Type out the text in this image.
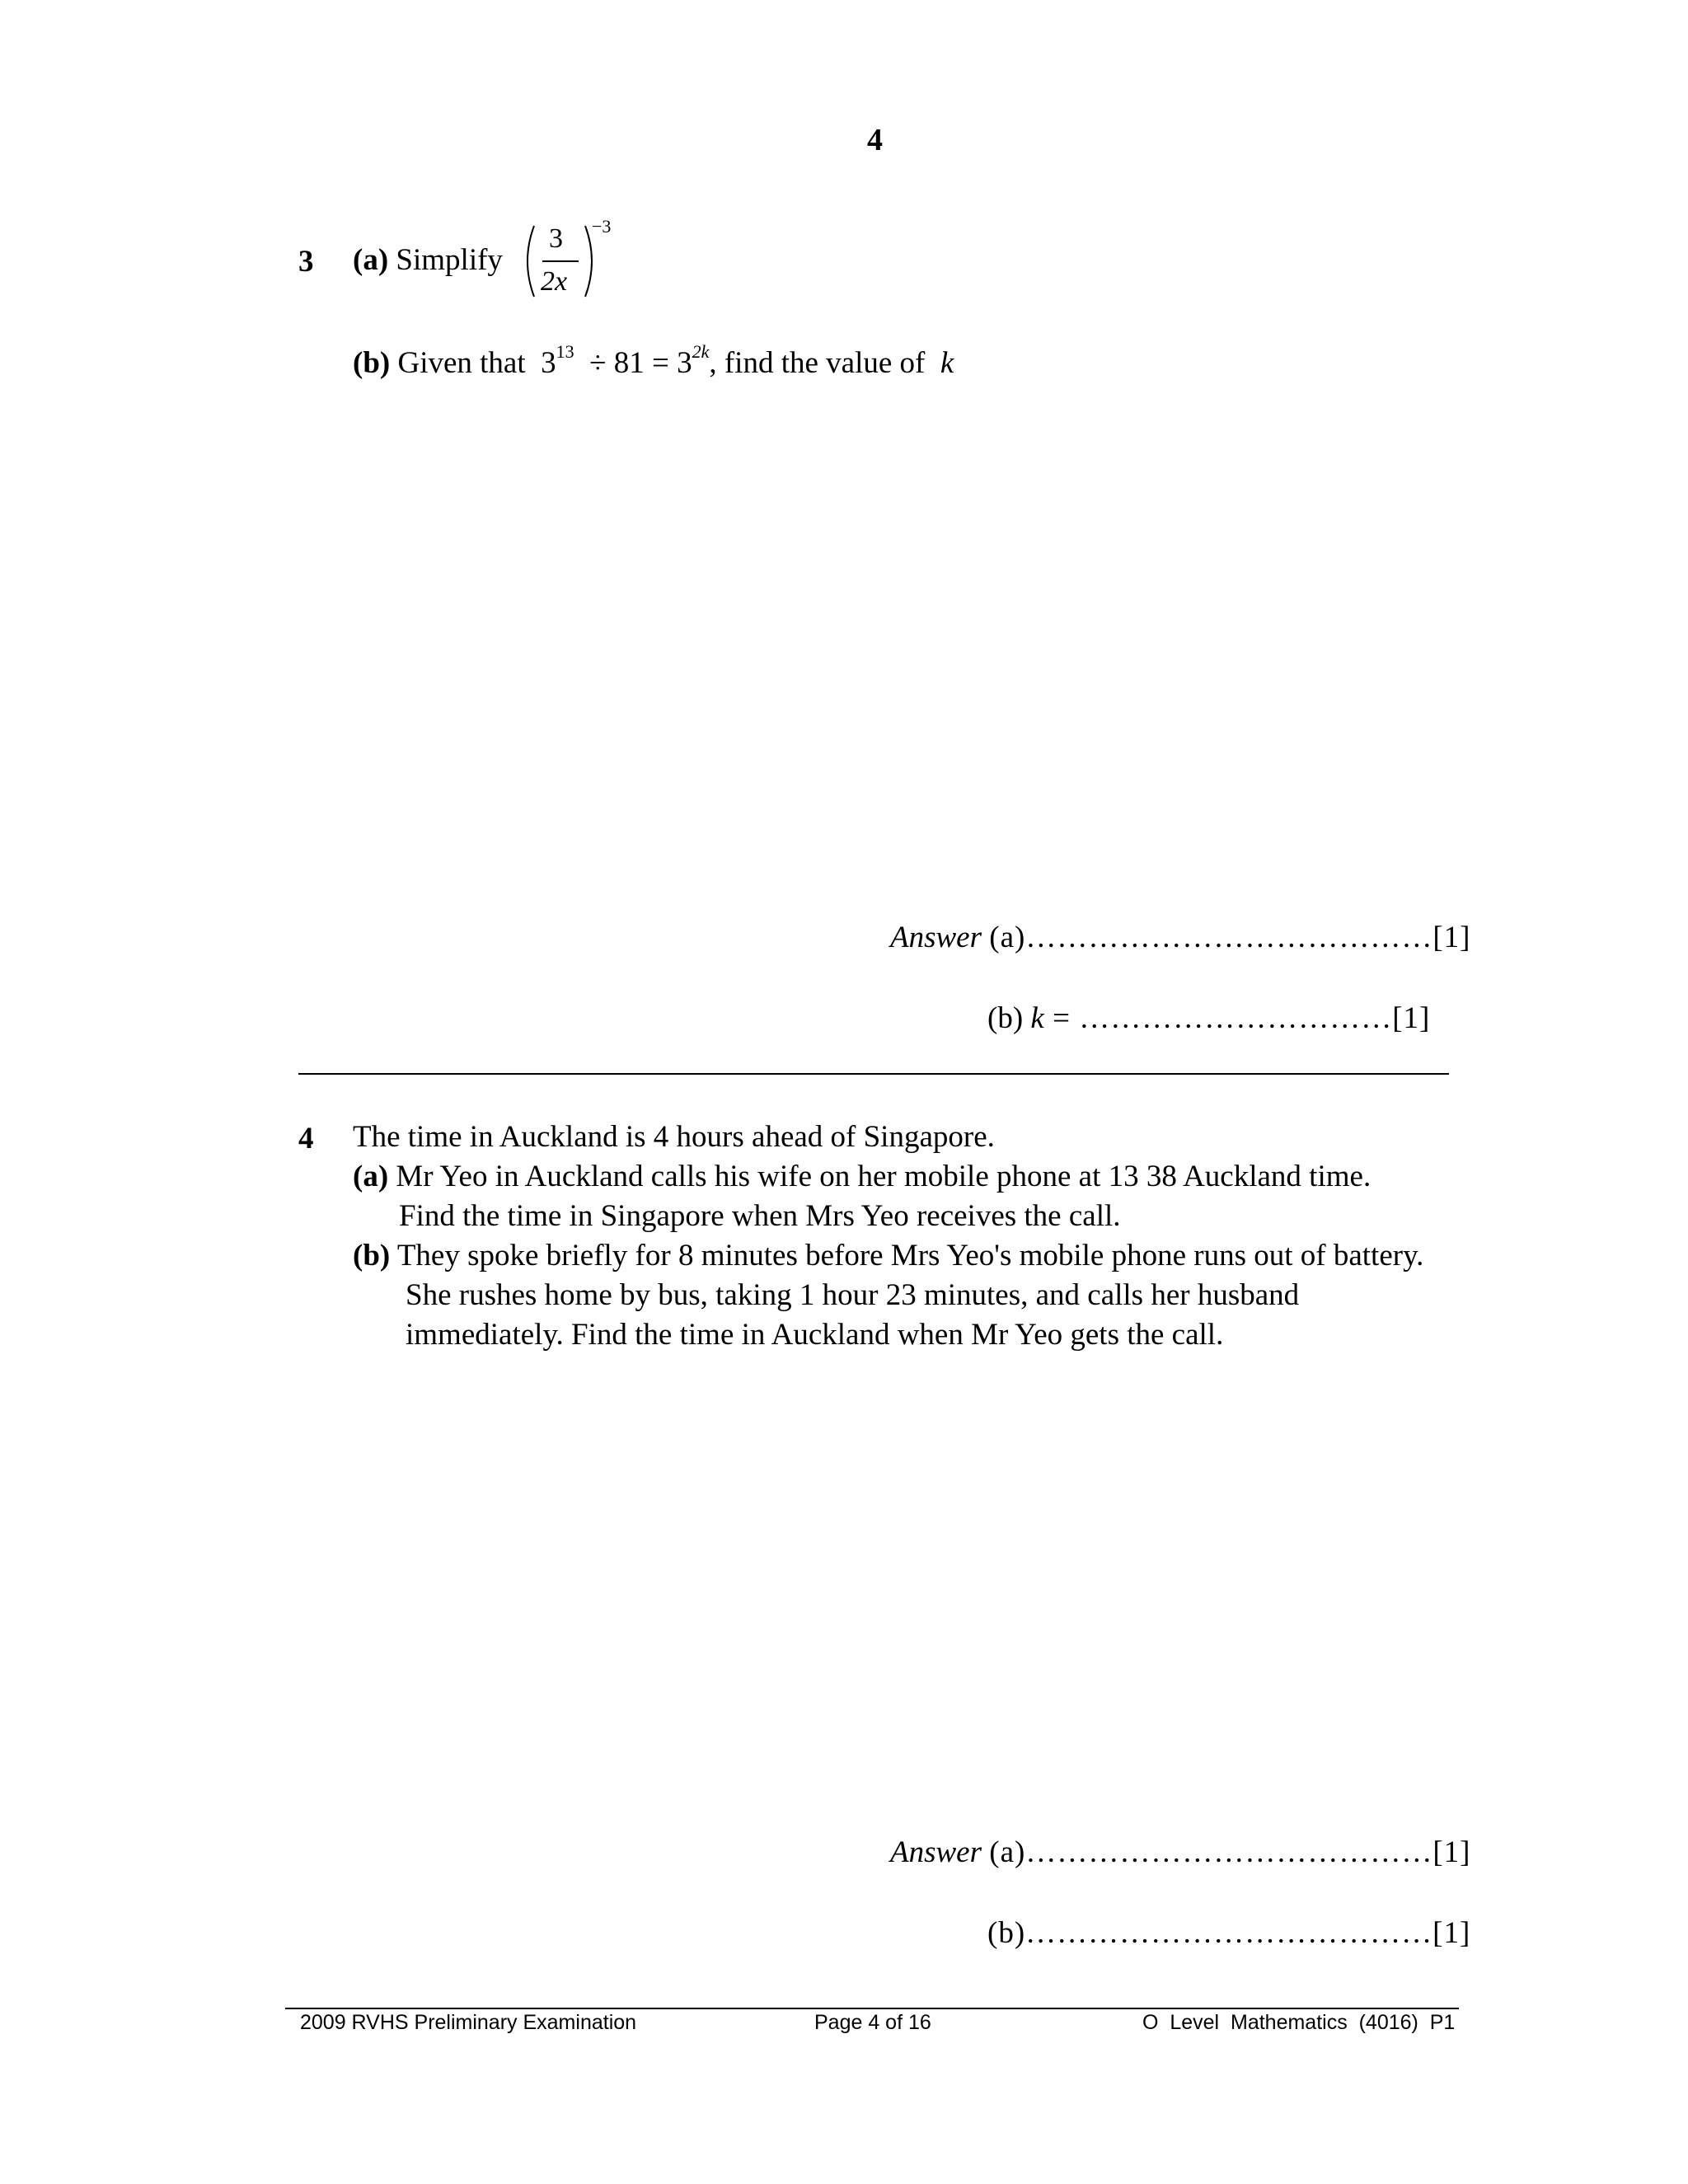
4
3 (a) Simplify
3
2x
−3
(b) Given that $3^{13} \div 81 = 3^{2k}$, find the value of k
Answer (a)…………………………………[1]
(b) k = …………………………[1]
4 The time in Auckland is 4 hours ahead of Singapore.
(a) Mr Yeo in Auckland calls his wife on her mobile phone at 13 38 Auckland time.
Find the time in Singapore when Mrs Yeo receives the call.
(b) They spoke briefly for 8 minutes before Mrs Yeo's mobile phone runs out of battery.
She rushes home by bus, taking 1 hour 23 minutes, and calls her husband
immediately. Find the time in Auckland when Mr Yeo gets the call.
Answer (a)…………………………………[1]
(b)…………………………………[1]
2009 RVHS Preliminary Examination	Page 4 of 16	O  Level  Mathematics  (4016)  P1
